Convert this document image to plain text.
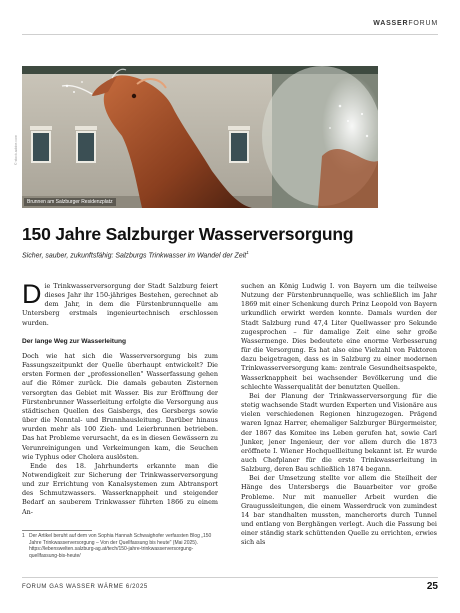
WASSERFORUM
Brunnen am Salzburger Residenzplatz
© stock.adobe.com
150 Jahre Salzburger Wasserversorgung
Sicher, sauber, zukunftsfähig: Salzburgs Trinkwasser im Wandel der Zeit$^1$

Die Trinkwasserversorgung der Stadt Salzburg feiert dieses Jahr ihr 150-jähriges Bestehen, gerechnet ab dem Jahr, in dem die Fürstenbrunnquelle am Untersberg erstmals ingenieurtechnisch erschlossen wurden.

Der lange Weg zur Wasserleitung

Doch wie hat sich die Wasserversorgung bis zum Fassungszeitpunkt der Quelle überhaupt entwickelt? Die ersten Formen der „professionellen" Wasserfassung gehen auf die Römer zurück. Die damals gebauten Zisternen versorgten das Gebiet mit Wasser. Bis zur Eröffnung der Fürstenbrunner Wasserleitung erfolgte die Versorgung aus städtischen Quellen des Gaisbergs, des Gersbergs sowie über die Nonntal- und Brunnhausleitung. Darüber hinaus wurden mehr als 100 Zieh- und Leierbrunnen betrieben. Das hat Probleme verursacht, da es in diesen Gewässern zu Verunreinigungen und Verkeimungen kam, die Seuchen wie Typhus oder Cholera auslösten.

Ende des 18. Jahrhunderts erkannte man die Notwendigkeit zur Sicherung der Trinkwasserversorgung und zur Errichtung von Kanalsystemen zum Abtransport des Schmutzwassers. Wasserknappheit und steigender Bedarf an sauberem Trinkwasser führten 1866 zu einem An-

suchen an König Ludwig I. von Bayern um die teilweise Nutzung der Fürstenbrunnquelle, was schließlich im Jahr 1869 mit einer Schenkung durch Prinz Leopold von Bayern urkundlich erwirkt werden konnte. Damals wurden der Stadt Salzburg rund 47,4 Liter Quellwasser pro Sekunde zugesprochen – für damalige Zeit eine sehr große Wassermenge. Dies bedeutete eine enorme Verbesserung für die Versorgung. Es hat also eine Vielzahl von Faktoren dazu beigetragen, dass es in Salzburg zu einer modernen Trinkwasserversorgung kam: zentrale Gesundheitsaspekte, Wasserknappheit bei wachsender Bevölkerung und die schlechte Wasserqualität der benutzten Quellen.

Bei der Planung der Trinkwasserversorgung für die stetig wachsende Stadt wurden Experten und Visionäre aus vielen verschiedenen Regionen hinzugezogen. Prägend waren Ignaz Harrer, ehemaliger Salzburger Bürgermeister, der 1867 das Komitee ins Leben gerufen hat, sowie Carl Junker, jener Ingenieur, der vor allem durch die 1873 eröffnete I. Wiener Hochquellleitung bekannt ist. Er wurde auch Chefplaner für die erste Trinkwasserleitung in Salzburg, deren Bau schließlich 1874 begann.

Bei der Umsetzung stellte vor allem die Steilheit der Hänge des Untersbergs die Bauarbeiter vor große Probleme. Nur mit manueller Arbeit wurden die Graugussleitungen, die einem Wasserdruck von zumindest 14 bar standhalten mussten, mancherorts durch Tunnel und entlang von Berghängen verlegt. Auch die Fassung bei einer ständig stark schüttenden Quelle zu errichten, erwies sich als

1 Der Artikel beruht auf dem von Sophia Hannah Schwaighofer verfassten Blog „150 Jahre Trinkwasserversorgung – Von der Quellfassung bis heute" (Mai 2025). https://lebenswelten.salzburg-ag.at/tech/150-jahre-trinkwasserversorgung-quellfassung-bis-heute/
FORUM GAS WASSER WÄRME 6/2025	25
